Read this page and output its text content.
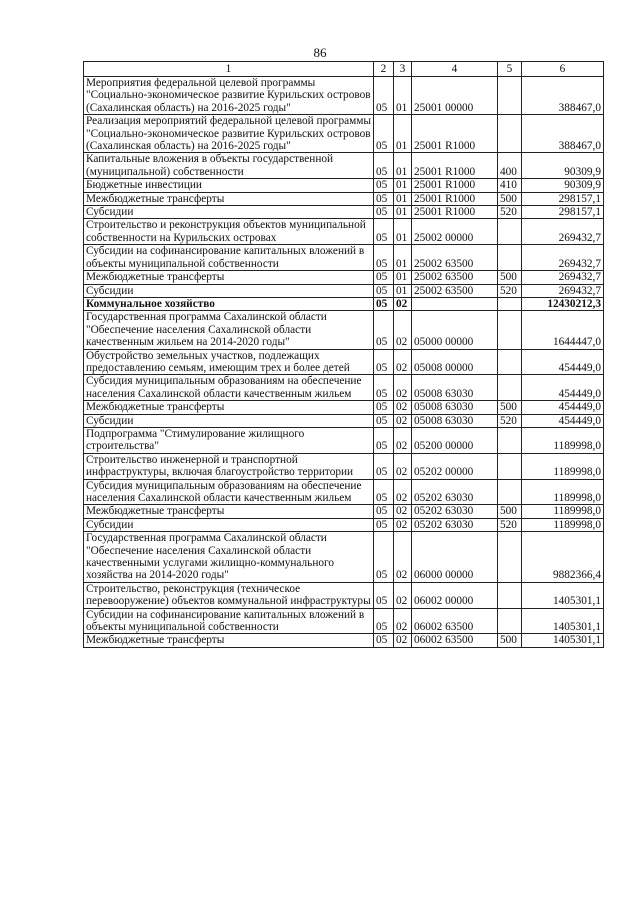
86
1	2	3	4	5	6
Мероприятия федеральной целевой программы "Социально-экономическое развитие Курильских островов (Сахалинская область) на 2016-2025 годы"	05	01	25001 00000		388467,0
Реализация мероприятий федеральной целевой программы "Социально-экономическое развитие Курильских островов (Сахалинская область) на 2016-2025 годы"	05	01	25001 R1000		388467,0
Капитальные вложения в объекты государственной (муниципальной) собственности	05	01	25001 R1000	400	90309,9
Бюджетные инвестиции	05	01	25001 R1000	410	90309,9
Межбюджетные трансферты	05	01	25001 R1000	500	298157,1
Субсидии	05	01	25001 R1000	520	298157,1
Строительство и реконструкция объектов муниципальной собственности на Курильских островах	05	01	25002 00000		269432,7
Субсидии на софинансирование капитальных вложений в объекты муниципальной собственности	05	01	25002 63500		269432,7
Межбюджетные трансферты	05	01	25002 63500	500	269432,7
Субсидии	05	01	25002 63500	520	269432,7
Коммунальное хозяйство	05	02			12430212,3
Государственная программа Сахалинской области "Обеспечение населения Сахалинской области качественным жильем на 2014-2020 годы"	05	02	05000 00000		1644447,0
Обустройство земельных участков, подлежащих предоставлению семьям, имеющим трех и более детей	05	02	05008 00000		454449,0
Субсидия муниципальным образованиям на обеспечение населения Сахалинской области качественным жильем	05	02	05008 63030		454449,0
Межбюджетные трансферты	05	02	05008 63030	500	454449,0
Субсидии	05	02	05008 63030	520	454449,0
Подпрограмма "Стимулирование жилищного строительства"	05	02	05200 00000		1189998,0
Строительство инженерной и транспортной инфраструктуры, включая благоустройство территории	05	02	05202 00000		1189998,0
Субсидия муниципальным образованиям на обеспечение населения Сахалинской области качественным жильем	05	02	05202 63030		1189998,0
Межбюджетные трансферты	05	02	05202 63030	500	1189998,0
Субсидии	05	02	05202 63030	520	1189998,0
Государственная программа Сахалинской области "Обеспечение населения Сахалинской области качественными услугами жилищно-коммунального хозяйства на 2014-2020 годы"	05	02	06000 00000		9882366,4
Строительство, реконструкция (техническое перевооружение) объектов коммунальной инфраструктуры	05	02	06002 00000		1405301,1
Субсидии на софинансирование капитальных вложений в объекты муниципальной собственности	05	02	06002 63500		1405301,1
Межбюджетные трансферты	05	02	06002 63500	500	1405301,1
